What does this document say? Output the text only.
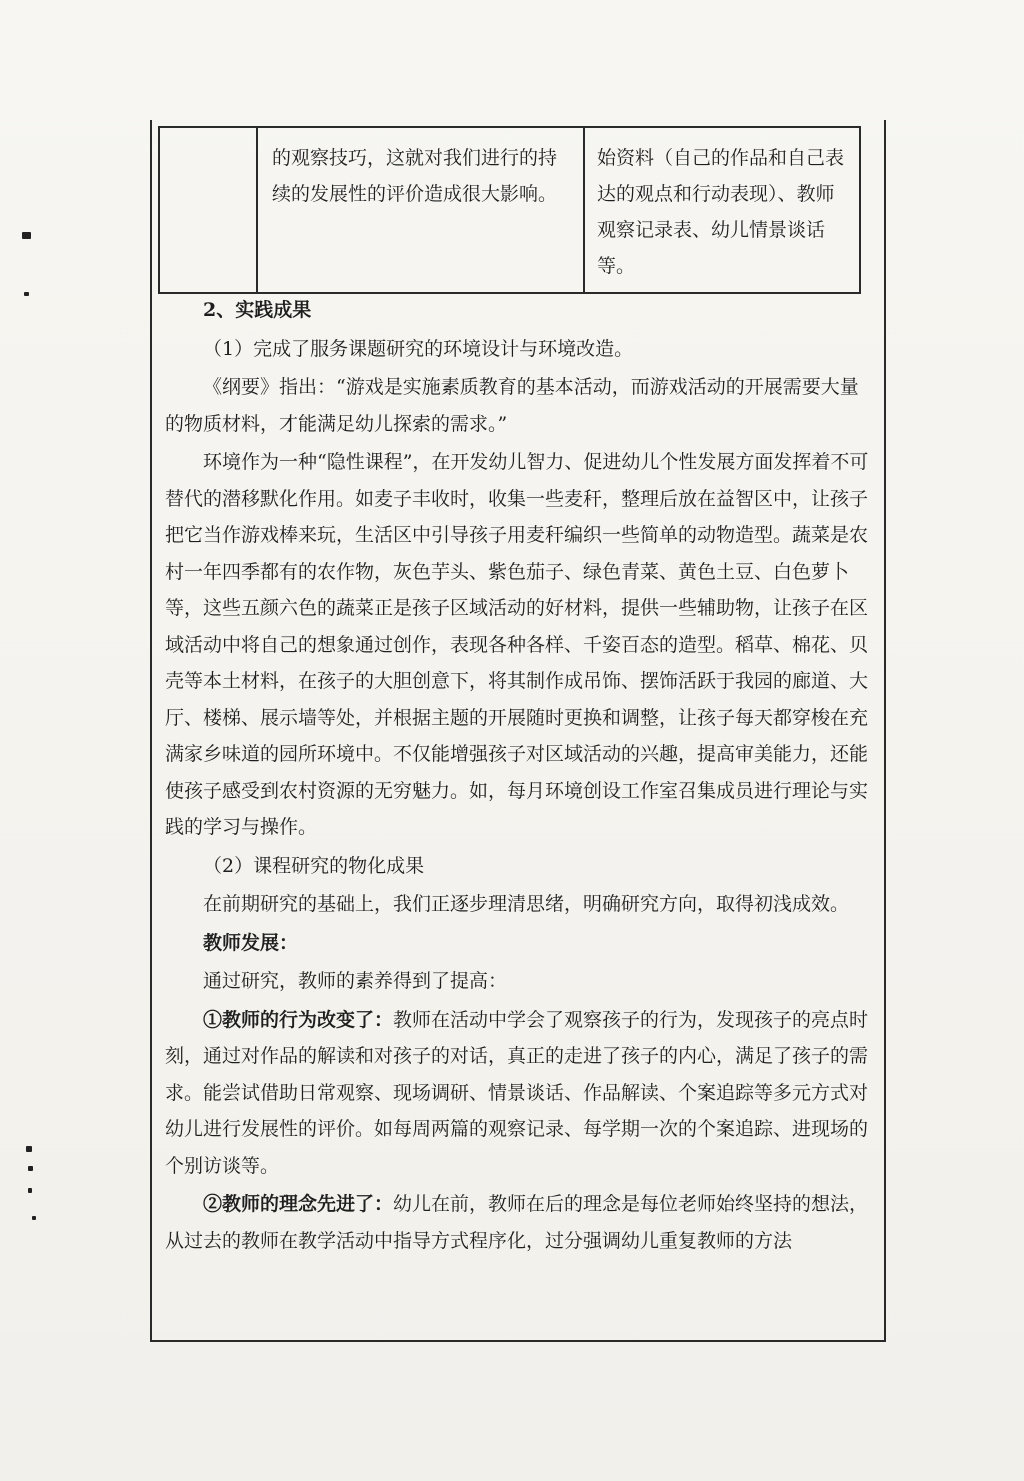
的观察技巧，这就对我们进行的持续的发展性的评价造成很大影响。

始资料（自己的作品和自己表达的观点和行动表现）、教师观察记录表、幼儿情景谈话等。

2、实践成果

（1）完成了服务课题研究的环境设计与环境改造。

《纲要》指出：“游戏是实施素质教育的基本活动，而游戏活动的开展需要大量的物质材料，才能满足幼儿探索的需求。”

环境作为一种“隐性课程”，在开发幼儿智力、促进幼儿个性发展方面发挥着不可替代的潜移默化作用。如麦子丰收时，收集一些麦秆，整理后放在益智区中，让孩子把它当作游戏棒来玩，生活区中引导孩子用麦秆编织一些简单的动物造型。蔬菜是农村一年四季都有的农作物，灰色芋头、紫色茄子、绿色青菜、黄色土豆、白色萝卜等，这些五颜六色的蔬菜正是孩子区域活动的好材料，提供一些辅助物，让孩子在区域活动中将自己的想象通过创作，表现各种各样、千姿百态的造型。稻草、棉花、贝壳等本土材料，在孩子的大胆创意下，将其制作成吊饰、摆饰活跃于我园的廊道、大厅、楼梯、展示墙等处，并根据主题的开展随时更换和调整，让孩子每天都穿梭在充满家乡味道的园所环境中。不仅能增强孩子对区域活动的兴趣，提高审美能力，还能使孩子感受到农村资源的无穷魅力。如，每月环境创设工作室召集成员进行理论与实践的学习与操作。

（2）课程研究的物化成果

在前期研究的基础上，我们正逐步理清思绪，明确研究方向，取得初浅成效。

教师发展：

通过研究，教师的素养得到了提高：

①教师的行为改变了：教师在活动中学会了观察孩子的行为，发现孩子的亮点时刻，通过对作品的解读和对孩子的对话，真正的走进了孩子的内心，满足了孩子的需求。能尝试借助日常观察、现场调研、情景谈话、作品解读、个案追踪等多元方式对幼儿进行发展性的评价。如每周两篇的观察记录、每学期一次的个案追踪、进现场的个别访谈等。

②教师的理念先进了：幼儿在前，教师在后的理念是每位老师始终坚持的想法，从过去的教师在教学活动中指导方式程序化，过分强调幼儿重复教师的方法
